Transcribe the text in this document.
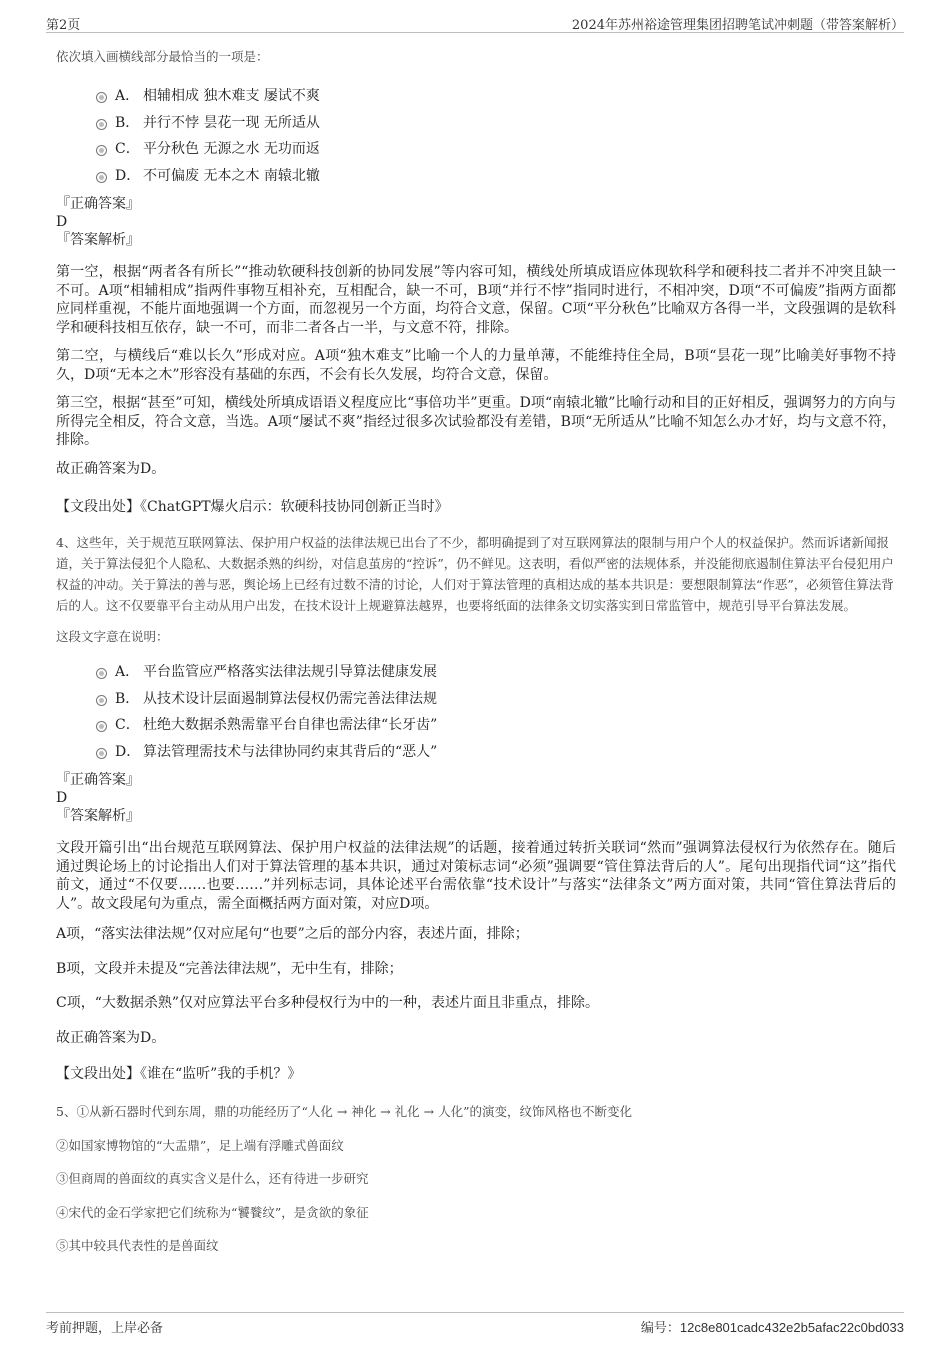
第2页	2024年苏州裕途管理集团招聘笔试冲刺题（带答案解析）
依次填入画横线部分最恰当的一项是：
A． 相辅相成 独木难支 屡试不爽
B． 并行不悖 昙花一现 无所适从
C． 平分秋色 无源之水 无功而返
D． 不可偏废 无本之木 南辕北辙
『正确答案』
D
『答案解析』
第一空，根据“两者各有所长”“推动软硬科技创新的协同发展”等内容可知，横线处所填成语应体现软科学和硬科技二者并不冲突且缺一不可。A项“相辅相成”指两件事物互相补充，互相配合，缺一不可，B项“并行不悖”指同时进行，不相冲突，D项“不可偏废”指两方面都应同样重视，不能片面地强调一个方面，而忽视另一个方面，均符合文意，保留。C项“平分秋色”比喻双方各得一半，文段强调的是软科学和硬科技相互依存，缺一不可，而非二者各占一半，与文意不符，排除。
第二空，与横线后“难以长久”形成对应。A项“独木难支”比喻一个人的力量单薄，不能维持住全局，B项“昙花一现”比喻美好事物不持久，D项“无本之木”形容没有基础的东西，不会有长久发展，均符合文意，保留。
第三空，根据“甚至”可知，横线处所填成语语义程度应比“事倍功半”更重。D项“南辕北辙”比喻行动和目的正好相反，强调努力的方向与所得完全相反，符合文意，当选。A项“屡试不爽”指经过很多次试验都没有差错，B项“无所适从”比喻不知怎么办才好，均与文意不符，排除。
故正确答案为D。
【文段出处】《ChatGPT爆火启示：软硬科技协同创新正当时》
4、这些年，关于规范互联网算法、保护用户权益的法律法规已出台了不少，都明确提到了对互联网算法的限制与用户个人的权益保护。然而诉诸新闻报道，关于算法侵犯个人隐私、大数据杀熟的纠纷，对信息茧房的“控诉”，仍不鲜见。这表明，看似严密的法规体系，并没能彻底遏制住算法平台侵犯用户权益的冲动。关于算法的善与恶，舆论场上已经有过数不清的讨论，人们对于算法管理的真相达成的基本共识是：要想限制算法“作恶”，必须管住算法背后的人。这不仅要靠平台主动从用户出发，在技术设计上规避算法越界，也要将纸面的法律条文切实落实到日常监管中，规范引导平台算法发展。
这段文字意在说明：
A． 平台监管应严格落实法律法规引导算法健康发展
B． 从技术设计层面遏制算法侵权仍需完善法律法规
C． 杜绝大数据杀熟需靠平台自律也需法律“长牙齿”
D． 算法管理需技术与法律协同约束其背后的“恶人”
『正确答案』
D
『答案解析』
文段开篇引出“出台规范互联网算法、保护用户权益的法律法规”的话题，接着通过转折关联词“然而”强调算法侵权行为依然存在。随后通过舆论场上的讨论指出人们对于算法管理的基本共识，通过对策标志词“必须”强调要“管住算法背后的人”。尾句出现指代词“这”指代前文，通过“不仅要……也要……”并列标志词，具体论述平台需依靠“技术设计”与落实“法律条文”两方面对策，共同“管住算法背后的人”。故文段尾句为重点，需全面概括两方面对策，对应D项。
A项，“落实法律法规”仅对应尾句“也要”之后的部分内容，表述片面，排除；
B项，文段并未提及“完善法律法规”，无中生有，排除；
C项，“大数据杀熟”仅对应算法平台多种侵权行为中的一种，表述片面且非重点，排除。
故正确答案为D。
【文段出处】《谁在“监听”我的手机？》
5、①从新石器时代到东周，鼎的功能经历了“人化 → 神化 → 礼化 → 人化”的演变，纹饰风格也不断变化
②如国家博物馆的“大盂鼎”，足上端有浮雕式兽面纹
③但商周的兽面纹的真实含义是什么，还有待进一步研究
④宋代的金石学家把它们统称为“饕餮纹”，是贪欲的象征
⑤其中较具代表性的是兽面纹
考前押题，上岸必备	编号：12c8e801cadc432e2b5afac22c0bd033
